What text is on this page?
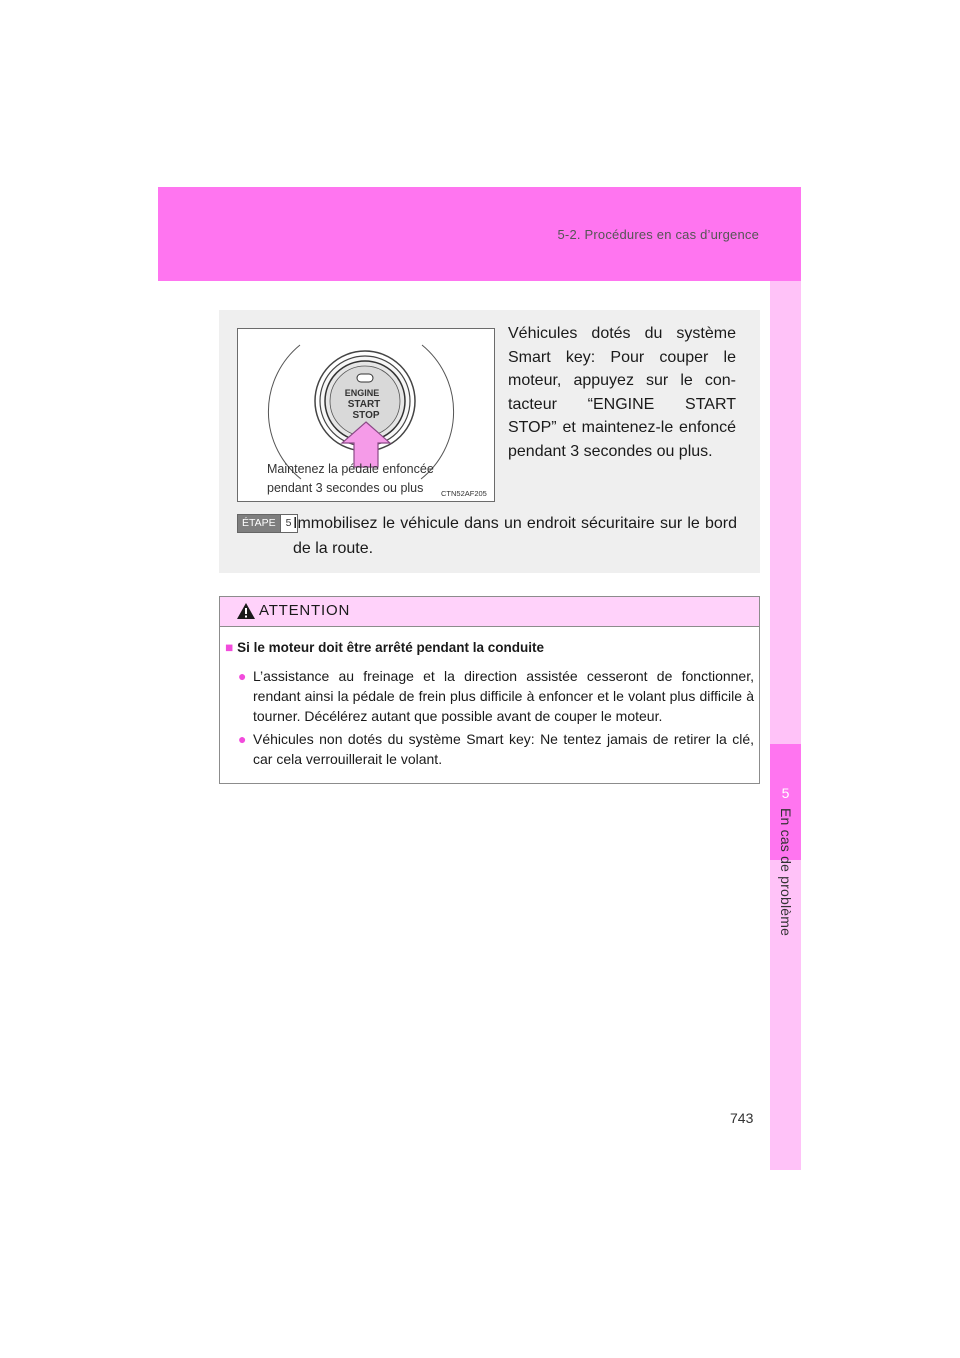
5-2. Procédures en cas d’urgence
5
En cas de problème
ENGINE
START
STOP
Maintenez la pédale enfoncée
pendant 3 secondes ou plus	CTN52AF205
Véhicules dotés du système Smart key: Pour couper le moteur, appuyez sur le contacteur “ENGINE START STOP” et maintenez-le enfoncé pendant 3 secondes ou plus.
ÉTAPE 5 Immobilisez le véhicule dans un endroit sécuritaire sur le bord de la route.
ATTENTION
■ Si le moteur doit être arrêté pendant la conduite
● L’assistance au freinage et la direction assistée cesseront de fonctionner, rendant ainsi la pédale de frein plus difficile à enfoncer et le volant plus difficile à tourner. Décélérez autant que possible avant de couper le moteur.
● Véhicules non dotés du système Smart key: Ne tentez jamais de retirer la clé, car cela verrouillerait le volant.
743
